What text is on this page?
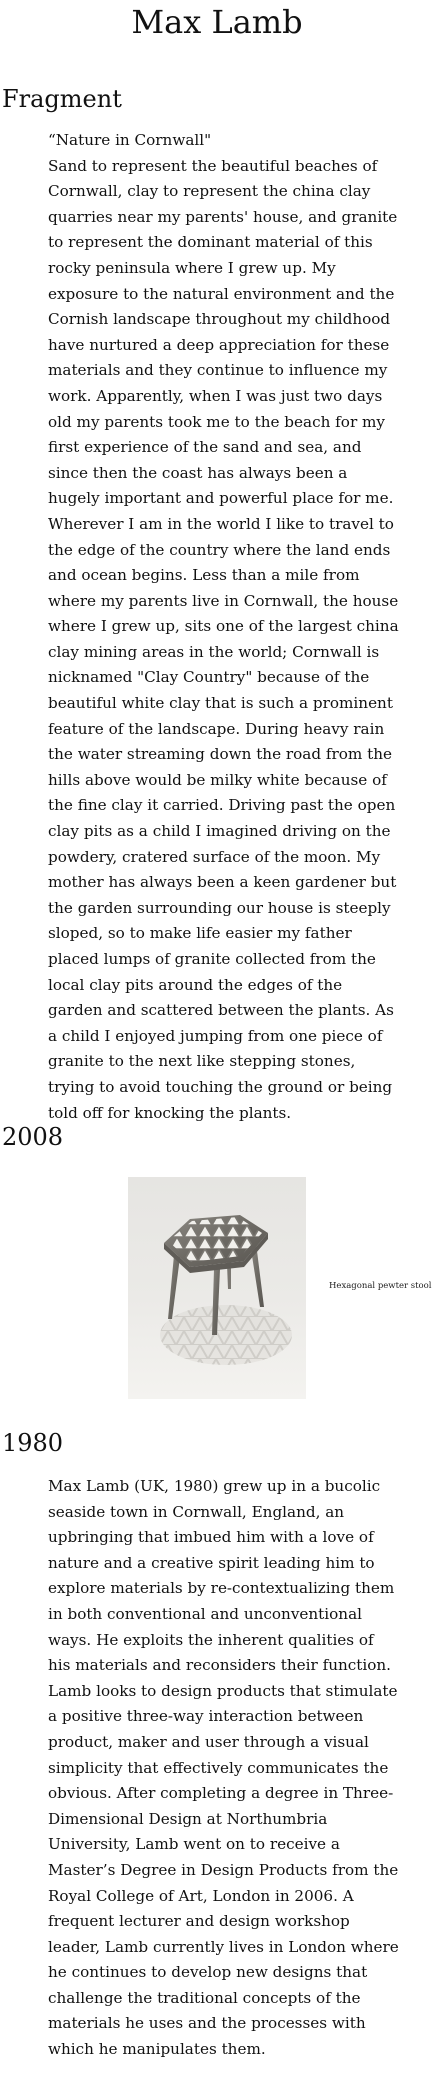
Max Lamb
Fragment

“Nature in Cornwall"

Sand to represent the beautiful beaches of Cornwall, clay to represent the china clay quarries near my parents' house, and granite to represent the dominant material of this rocky peninsula where I grew up. My exposure to the natural environment and the Cornish landscape throughout my childhood have nurtured a deep appreciation for these materials and they continue to influence my work. Apparently, when I was just two days old my parents took me to the beach for my first experience of the sand and sea, and since then the coast has always been a hugely important and powerful place for me. Wherever I am in the world I like to travel to the edge of the country where the land ends and ocean begins. Less than a mile from where my parents live in Cornwall, the house where I grew up, sits one of the largest china clay mining areas in the world; Cornwall is nicknamed "Clay Country" because of the beautiful white clay that is such a prominent feature of the landscape. During heavy rain the water streaming down the road from the hills above would be milky white because of the fine clay it carried. Driving past the open clay pits as a child I imagined driving on the powdery, cratered surface of the moon. My mother has always been a keen gardener but the garden surrounding our house is steeply sloped, so to make life easier my father placed lumps of granite collected from the local clay pits around the edges of the garden and scattered between the plants. As a child I enjoyed jumping from one piece of granite to the next like stepping stones, trying to avoid touching the ground or being told off for knocking the plants.

2008
Hexagonal pewter stool
1980

Max Lamb (UK, 1980) grew up in a bucolic seaside town in Cornwall, England, an upbringing that imbued him with a love of nature and a creative spirit leading him to explore materials by re-contextualizing them in both conventional and unconventional ways. He exploits the inherent qualities of his materials and reconsiders their function. Lamb looks to design products that stimulate a positive three-way interaction between product, maker and user through a visual simplicity that effectively communicates the obvious. After completing a degree in Three-Dimensional Design at Northumbria University, Lamb went on to receive a Master’s Degree in Design Products from the Royal College of Art, London in 2006. A frequent lecturer and design workshop leader, Lamb currently lives in London where he continues to develop new designs that challenge the traditional concepts of the materials he uses and the processes with which he manipulates them.
